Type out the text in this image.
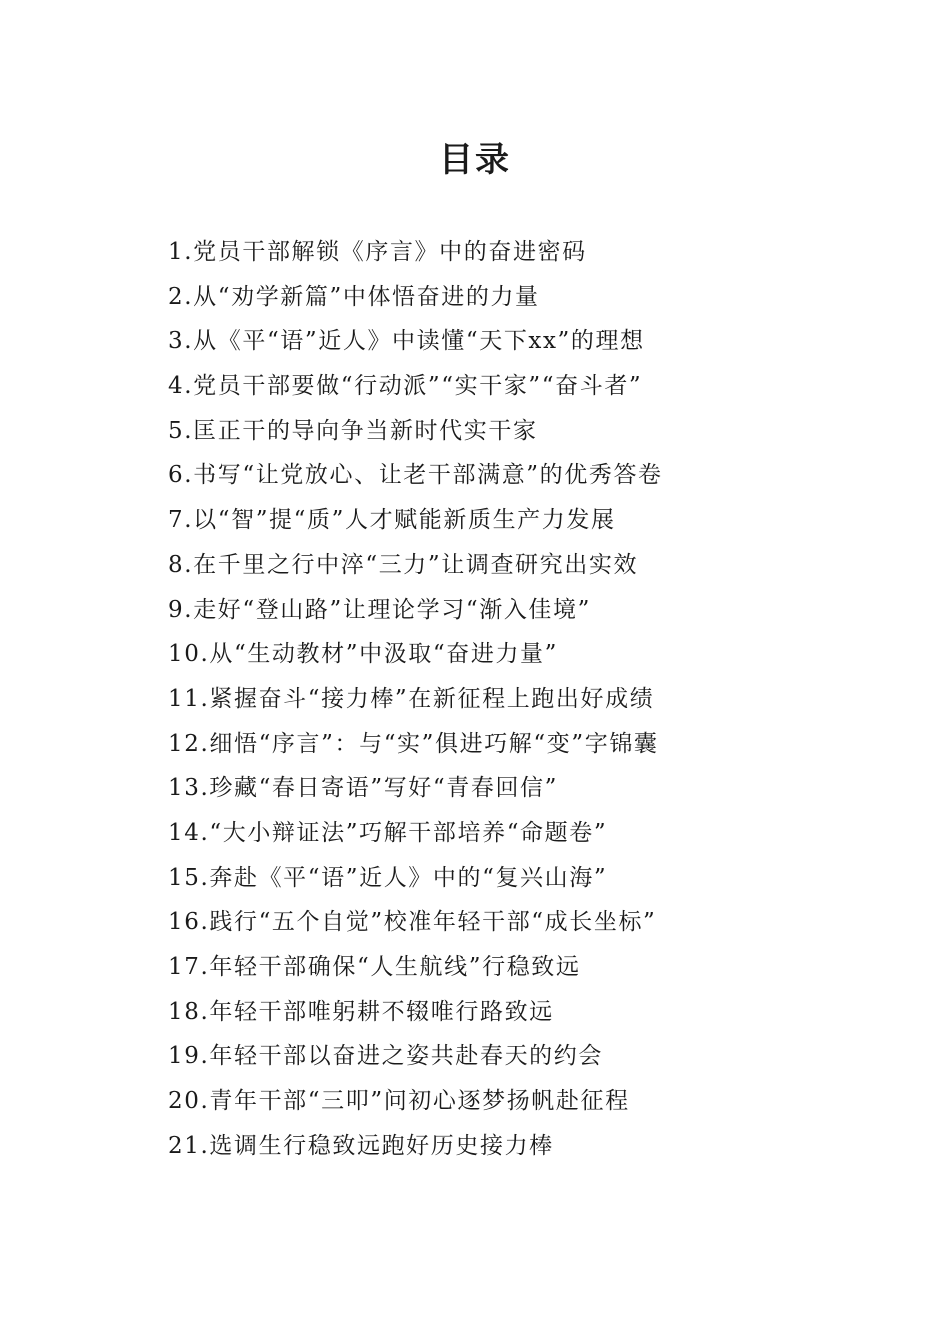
目录
1.党员干部解锁《序言》中的奋进密码
2.从“劝学新篇”中体悟奋进的力量
3.从《平“语”近人》中读懂“天下xx”的理想
4.党员干部要做“行动派”“实干家”“奋斗者”
5.匡正干的导向争当新时代实干家
6.书写“让党放心、让老干部满意”的优秀答卷
7.以“智”提“质”人才赋能新质生产力发展
8.在千里之行中淬“三力”让调查研究出实效
9.走好“登山路”让理论学习“渐入佳境”
10.从“生动教材”中汲取“奋进力量”
11.紧握奋斗“接力棒”在新征程上跑出好成绩
12.细悟“序言”：与“实”俱进巧解“变”字锦囊
13.珍藏“春日寄语”写好“青春回信”
14.“大小辩证法”巧解干部培养“命题卷”
15.奔赴《平“语”近人》中的“复兴山海”
16.践行“五个自觉”校准年轻干部“成长坐标”
17.年轻干部确保“人生航线”行稳致远
18.年轻干部唯躬耕不辍唯行路致远
19.年轻干部以奋进之姿共赴春天的约会
20.青年干部“三叩”问初心逐梦扬帆赴征程
21.选调生行稳致远跑好历史接力棒
